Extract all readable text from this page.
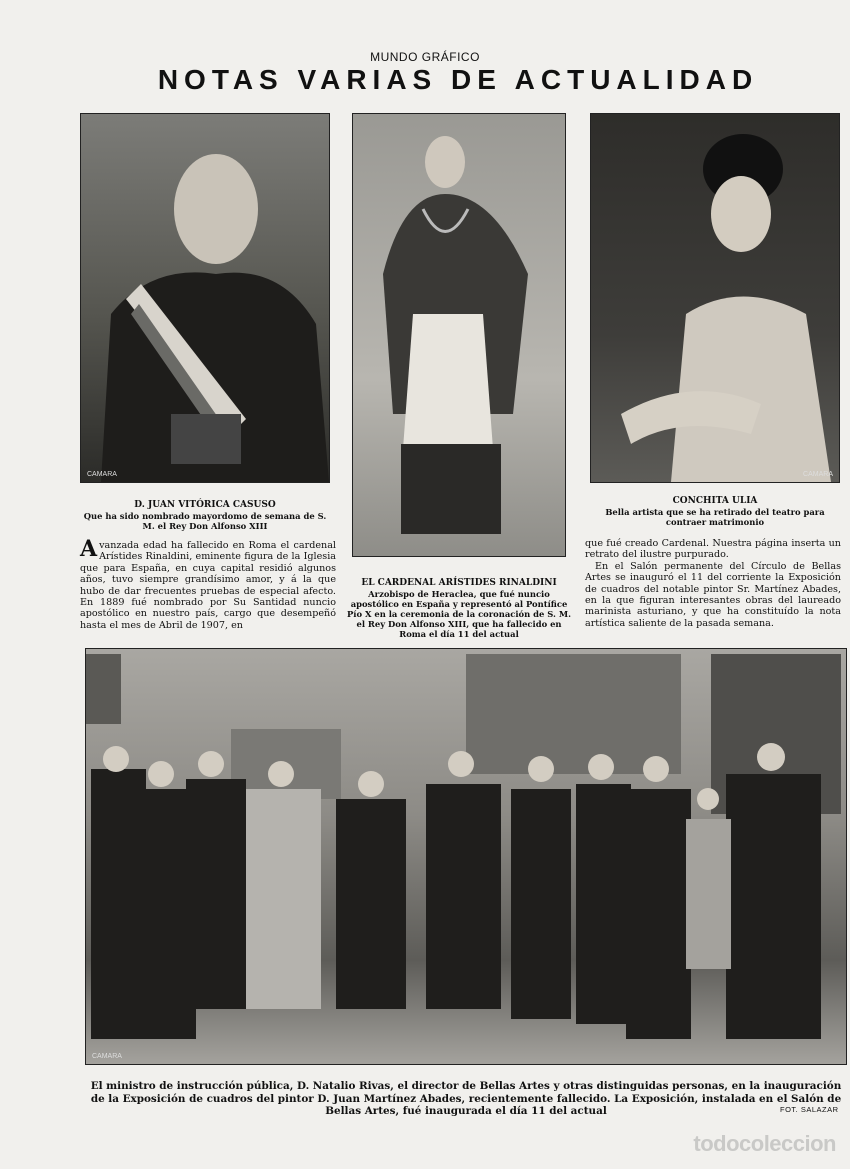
MUNDO GRÁFICO
NOTAS VARIAS DE ACTUALIDAD
CAMARA	CAMARA
D. JUAN VITÓRICA CASUSO
Que ha sido nombrado mayordomo de semana de S. M. el Rey Don Alfonso XIII
CONCHITA ULIA
Bella artista que se ha retirado del teatro para contraer matrimonio
EL CARDENAL ARÍSTIDES RINALDINI
Arzobispo de Heraclea, que fué nuncio apostólico en España y representó al Pontífice Pío X en la ceremonia de la coronación de S. M. el Rey Don Alfonso XIII, que ha fallecido en Roma el día 11 del actual

Avanzada edad ha fallecido en Roma el cardenal Arístides Rinaldini, eminente figura de la Iglesia que para España, en cuya capital residió algunos años, tuvo siempre grandísimo amor, y á la que hubo de dar frecuentes pruebas de especial afecto. En 1889 fué nombrado por Su Santidad nuncio apostólico en nuestro país, cargo que desempeñó hasta el mes de Abril de 1907, en

que fué creado Cardenal. Nuestra página inserta un retrato del ilustre purpurado.

En el Salón permanente del Círculo de Bellas Artes se inauguró el 11 del corriente la Exposición de cuadros del notable pintor Sr. Martínez Abades, en la que figuran interesantes obras del laureado marinista asturiano, y que ha constituído la nota artística saliente de la pasada semana.

CAMARA
El ministro de instrucción pública, D. Natalio Rivas, el director de Bellas Artes y otras distinguidas personas, en la inauguración de la Exposición de cuadros del pintor D. Juan Martínez Abades, recientemente fallecido. La Exposición, instalada en el Salón de Bellas Artes, fué inaugurada el día 11 del actual	FOT. SALAZAR
todocoleccion
